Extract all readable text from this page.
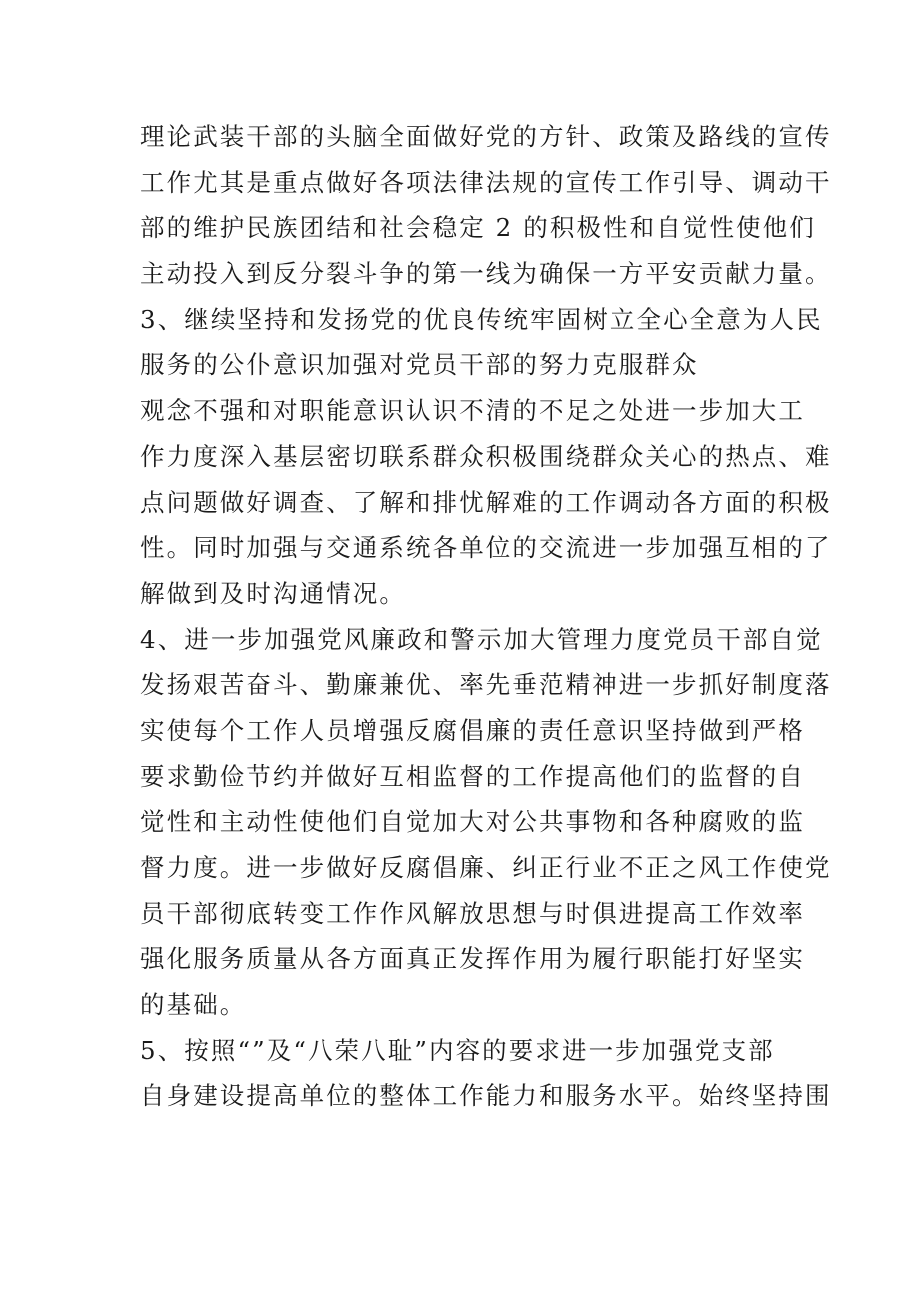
理论武装干部的头脑全面做好党的方针、政策及路线的宣传
工作尤其是重点做好各项法律法规的宣传工作引导、调动干
部的维护民族团结和社会稳定 2 的积极性和自觉性使他们
主动投入到反分裂斗争的第一线为确保一方平安贡献力量。
3、继续坚持和发扬党的优良传统牢固树立全心全意为人民
服务的公仆意识加强对党员干部的努力克服群众
观念不强和对职能意识认识不清的不足之处进一步加大工
作力度深入基层密切联系群众积极围绕群众关心的热点、难
点问题做好调查、了解和排忧解难的工作调动各方面的积极
性。同时加强与交通系统各单位的交流进一步加强互相的了
解做到及时沟通情况。
4、进一步加强党风廉政和警示加大管理力度党员干部自觉
发扬艰苦奋斗、勤廉兼优、率先垂范精神进一步抓好制度落
实使每个工作人员增强反腐倡廉的责任意识坚持做到严格
要求勤俭节约并做好互相监督的工作提高他们的监督的自
觉性和主动性使他们自觉加大对公共事物和各种腐败的监
督力度。进一步做好反腐倡廉、纠正行业不正之风工作使党
员干部彻底转变工作作风解放思想与时俱进提高工作效率
强化服务质量从各方面真正发挥作用为履行职能打好坚实
的基础。
5、按照“”及“八荣八耻”内容的要求进一步加强党支部
自身建设提高单位的整体工作能力和服务水平。始终坚持围
